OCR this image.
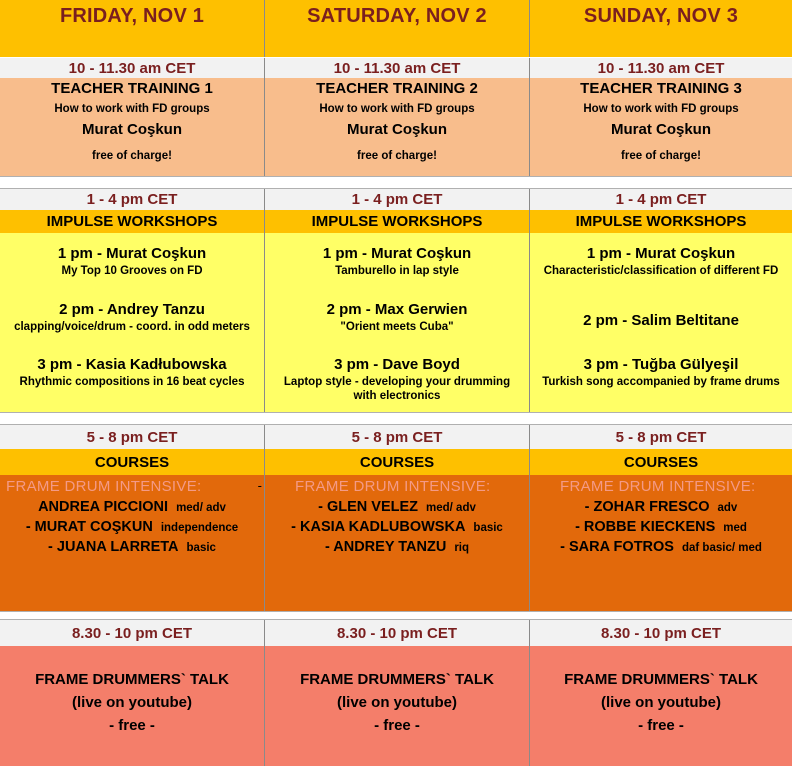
FRIDAY, NOV 1
10 - 11.30 am CET
TEACHER TRAINING 1
How to work with FD groups
Murat Coşkun
free of charge!
1 - 4 pm CET
IMPULSE WORKSHOPS
1 pm - Murat Coşkun
My Top 10 Grooves on FD
2 pm - Andrey Tanzu
clapping/voice/drum - coord. in odd meters
3 pm - Kasia Kadłubowska
Rhythmic compositions in 16 beat cycles
5 - 8 pm CET
COURSES
FRAME DRUM INTENSIVE:	-
ANDREA PICCIONI med/ adv
- MURAT COŞKUN independence
- JUANA LARRETA basic
8.30 - 10 pm CET
FRAME DRUMMERS` TALK
(live on youtube)
- free -
SATURDAY, NOV 2
10 - 11.30 am CET
TEACHER TRAINING 2
How to work with FD groups
Murat Coşkun
free of charge!
1 - 4 pm CET
IMPULSE WORKSHOPS
1 pm - Murat Coşkun
Tamburello in lap style
2 pm - Max Gerwien
"Orient meets Cuba"
3 pm - Dave Boyd
Laptop style - developing your drumming with electronics
5 - 8 pm CET
COURSES
FRAME DRUM INTENSIVE:
- GLEN VELEZ med/ adv
- KASIA KADLUBOWSKA basic
- ANDREY TANZU riq
8.30 - 10 pm CET
FRAME DRUMMERS` TALK
(live on youtube)
- free -
SUNDAY, NOV 3
10 - 11.30 am CET
TEACHER TRAINING 3
How to work with FD groups
Murat Coşkun
free of charge!
1 - 4 pm CET
IMPULSE WORKSHOPS
1 pm - Murat Coşkun
Characteristic/classification of different FD
2 pm - Salim Beltitane
3 pm - Tuğba Gülyeşil
Turkish song accompanied by frame drums
5 - 8 pm CET
COURSES
FRAME DRUM INTENSIVE:
- ZOHAR FRESCO adv
- ROBBE KIECKENS med
- SARA FOTROS daf basic/ med
8.30 - 10 pm CET
FRAME DRUMMERS` TALK
(live on youtube)
- free -
